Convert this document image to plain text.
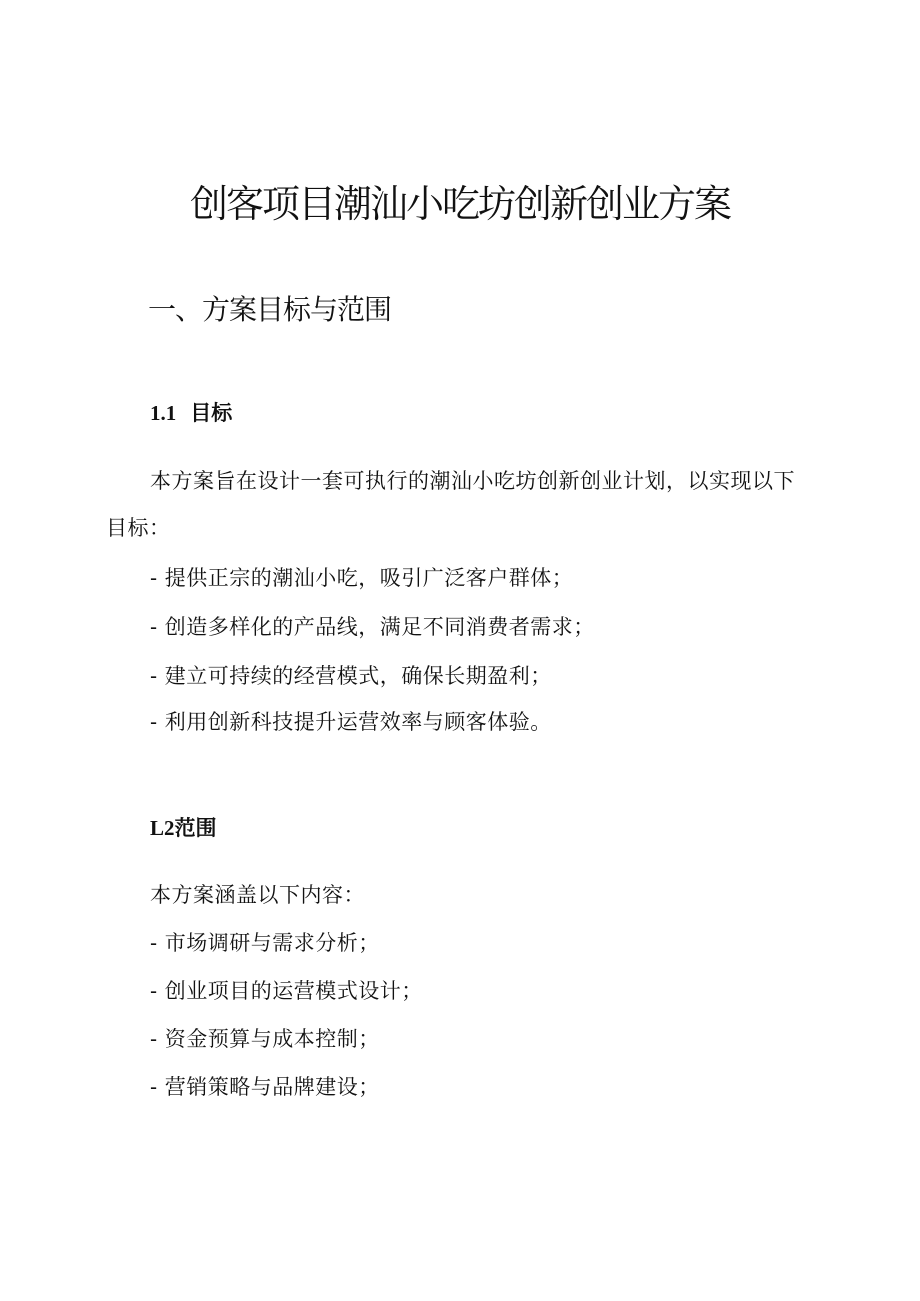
创客项目潮汕小吃坊创新创业方案
一、方案目标与范围
1.1 目标

本方案旨在设计一套可执行的潮汕小吃坊创新创业计划，以实现以下目标：

- 提供正宗的潮汕小吃，吸引广泛客户群体；
- 创造多样化的产品线，满足不同消费者需求；
- 建立可持续的经营模式，确保长期盈利；
- 利用创新科技提升运营效率与顾客体验。
L2范围
本方案涵盖以下内容：
- 市场调研与需求分析；
- 创业项目的运营模式设计；
- 资金预算与成本控制；
- 营销策略与品牌建设；
